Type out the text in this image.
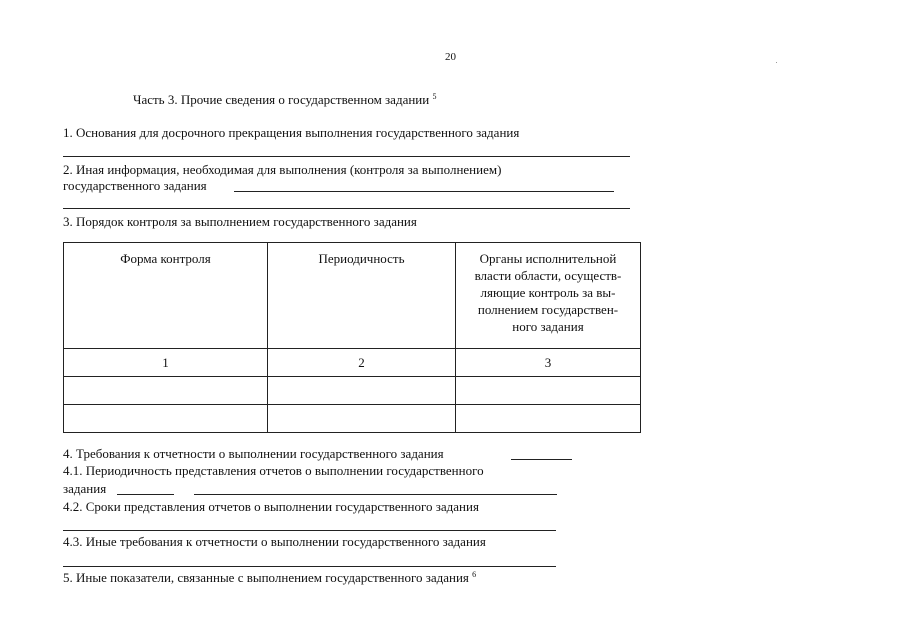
20
Часть 3. Прочие сведения о государственном задании $^5$
1. Основания для досрочного прекращения выполнения государственного задания
2. Иная информация, необходимая для выполнения (контроля за выполнением)
государственного задания
3. Порядок контроля за выполнением государственного задания
Форма контроля	Периодичность	Органы исполнительной
власти области, осуществ-
ляющие контроль за вы-
полнением государствен-
ного задания

1	2	3

4. Требования к отчетности о выполнении государственного задания
4.1. Периодичность представления отчетов о выполнении государственного
задания
4.2. Сроки представления отчетов о выполнении государственного задания
4.3. Иные требования к отчетности о выполнении государственного задания
5. Иные показатели, связанные с выполнением государственного задания $^6$
